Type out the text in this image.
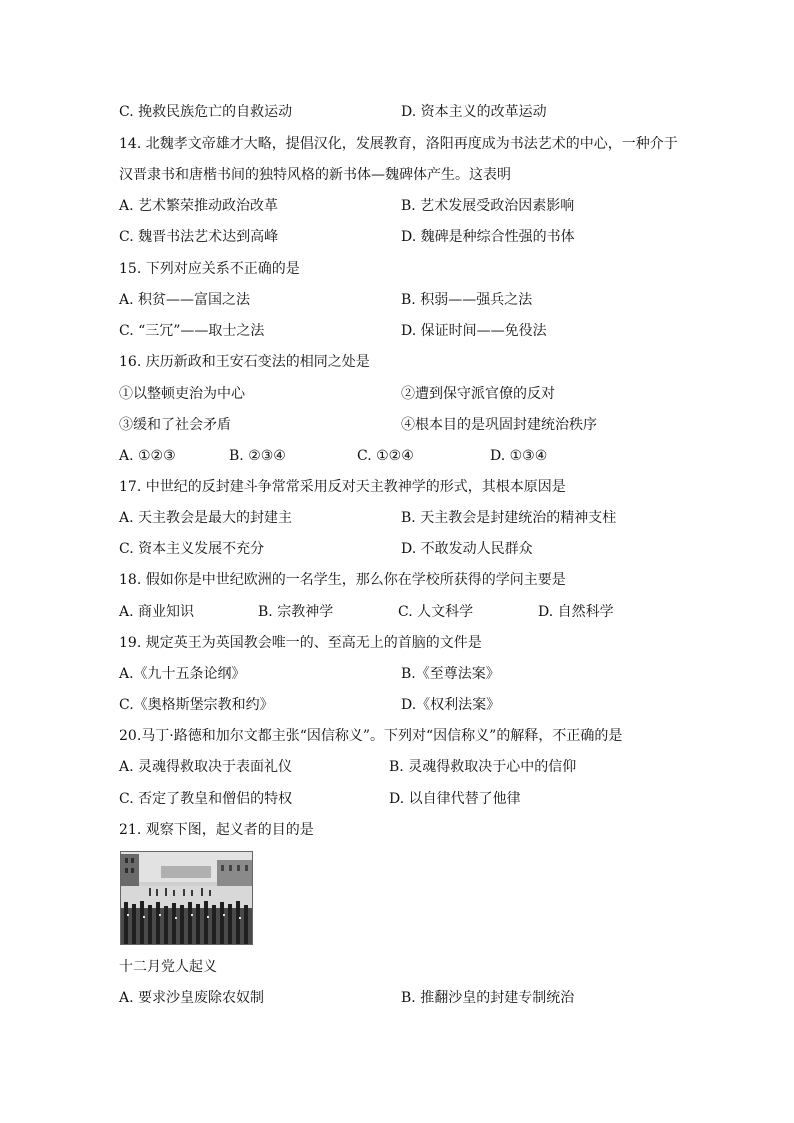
C. 挽救民族危亡的自救运动	D. 资本主义的改革运动
14. 北魏孝文帝雄才大略，提倡汉化，发展教育，洛阳再度成为书法艺术的中心，一种介于
汉晋隶书和唐楷书间的独特风格的新书体—魏碑体产生。这表明
A. 艺术繁荣推动政治改革	B. 艺术发展受政治因素影响
C. 魏晋书法艺术达到高峰	D. 魏碑是种综合性强的书体
15. 下列对应关系不正确的是
A. 积贫——富国之法	B. 积弱——强兵之法
C. “三冗”——取士之法	D. 保证时间——免役法
16. 庆历新政和王安石变法的相同之处是
①以整顿吏治为中心	②遭到保守派官僚的反对
③缓和了社会矛盾	④根本目的是巩固封建统治秩序
A. ①②③	B. ②③④	C. ①②④	D. ①③④
17. 中世纪的反封建斗争常常采用反对天主教神学的形式，其根本原因是
A. 天主教会是最大的封建主	B. 天主教会是封建统治的精神支柱
C. 资本主义发展不充分	D. 不敢发动人民群众
18. 假如你是中世纪欧洲的一名学生，那么你在学校所获得的学问主要是
A. 商业知识	B. 宗教神学	C. 人文科学	D. 自然科学
19. 规定英王为英国教会唯一的、至高无上的首脑的文件是
A.《九十五条论纲》	B.《至尊法案》
C.《奥格斯堡宗教和约》	D.《权利法案》
20.马丁·路德和加尔文都主张“因信称义”。下列对“因信称义”的解释，不正确的是
A. 灵魂得救取决于表面礼仪	B. 灵魂得救取决于心中的信仰
C. 否定了教皇和僧侣的特权	D. 以自律代替了他律
21. 观察下图，起义者的目的是
十二月党人起义
A. 要求沙皇废除农奴制	B. 推翻沙皇的封建专制统治
